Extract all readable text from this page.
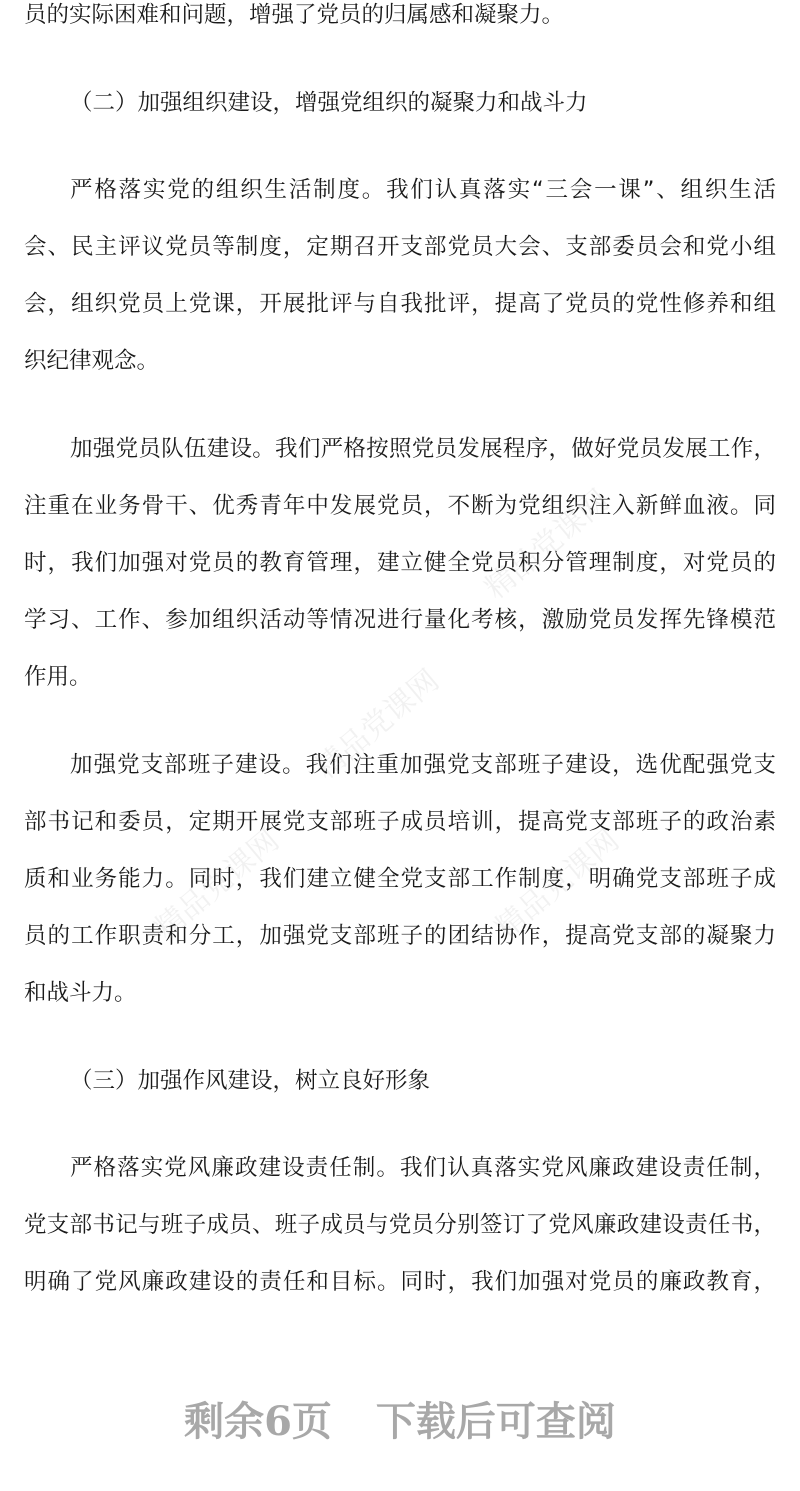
员的实际困难和问题，增强了党员的归属感和凝聚力。
（二）加强组织建设，增强党组织的凝聚力和战斗力
严格落实党的组织生活制度。我们认真落实“三会一课”、组织生活
会、民主评议党员等制度，定期召开支部党员大会、支部委员会和党小组
会，组织党员上党课，开展批评与自我批评，提高了党员的党性修养和组
织纪律观念。
加强党员队伍建设。我们严格按照党员发展程序，做好党员发展工作，
注重在业务骨干、优秀青年中发展党员，不断为党组织注入新鲜血液。同
时，我们加强对党员的教育管理，建立健全党员积分管理制度，对党员的
学习、工作、参加组织活动等情况进行量化考核，激励党员发挥先锋模范
作用。
加强党支部班子建设。我们注重加强党支部班子建设，选优配强党支
部书记和委员，定期开展党支部班子成员培训，提高党支部班子的政治素
质和业务能力。同时，我们建立健全党支部工作制度，明确党支部班子成
员的工作职责和分工，加强党支部班子的团结协作，提高党支部的凝聚力
和战斗力。
（三）加强作风建设，树立良好形象
严格落实党风廉政建设责任制。我们认真落实党风廉政建设责任制，
党支部书记与班子成员、班子成员与党员分别签订了党风廉政建设责任书，
明确了党风廉政建设的责任和目标。同时，我们加强对党员的廉政教育，
精品党课网
精品党课网
精品党课网	精品党课网
剩余6页 下载后可查阅
